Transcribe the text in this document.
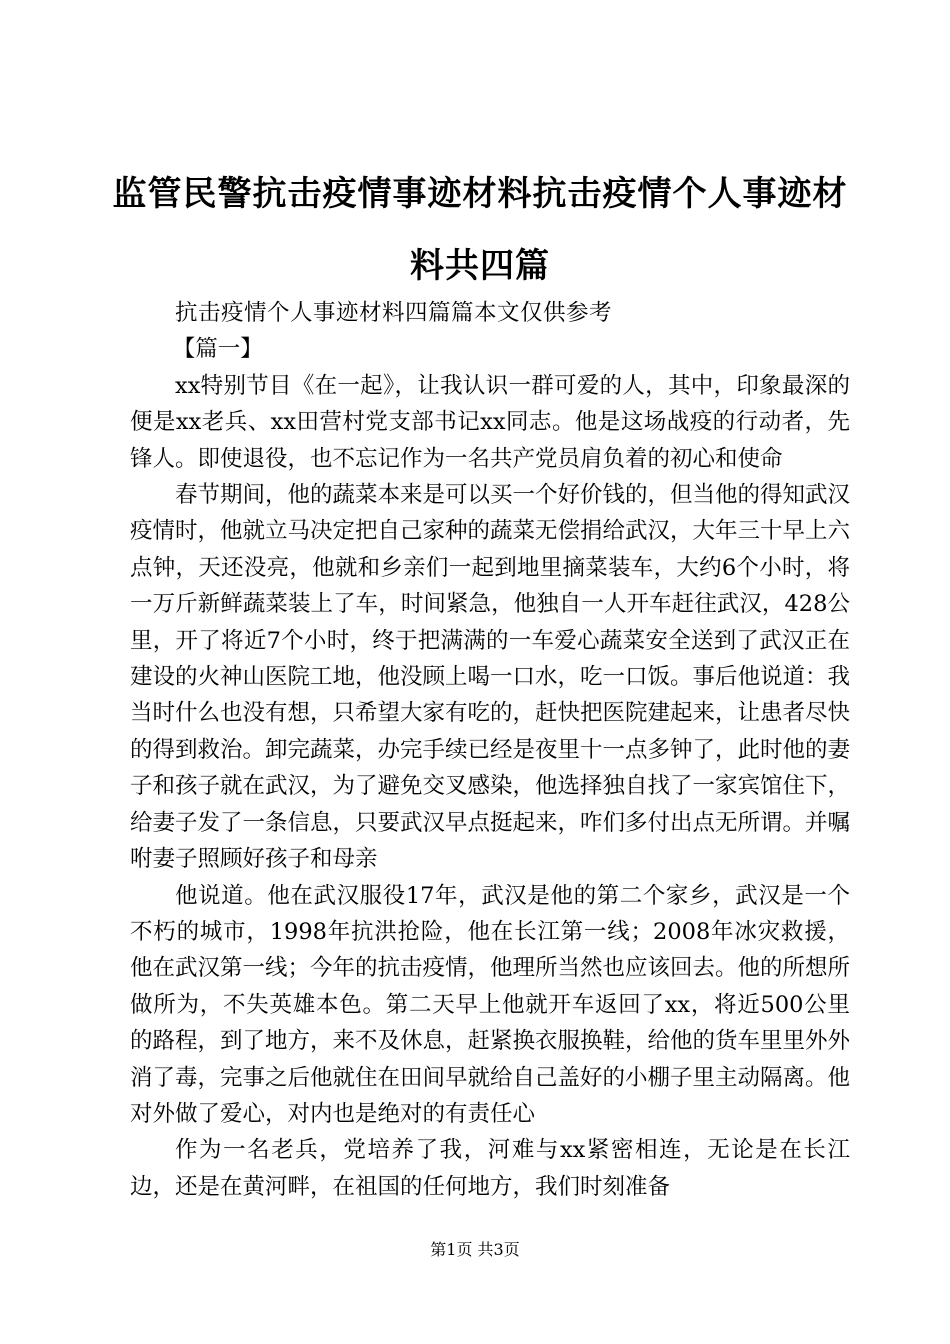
监管民警抗击疫情事迹材料抗击疫情个人事迹材料共四篇

抗击疫情个人事迹材料四篇篇本文仅供参考

【篇一】

xx特别节目《在一起》，让我认识一群可爱的人，其中，印象最深的便是xx老兵、xx田营村党支部书记xx同志。他是这场战疫的行动者，先锋人。即使退役，也不忘记作为一名共产党员肩负着的初心和使命

春节期间，他的蔬菜本来是可以买一个好价钱的，但当他的得知武汉疫情时，他就立马决定把自己家种的蔬菜无偿捐给武汉，大年三十早上六点钟，天还没亮，他就和乡亲们一起到地里摘菜装车，大约6个小时，将一万斤新鲜蔬菜装上了车，时间紧急，他独自一人开车赶往武汉，428公里，开了将近7个小时，终于把满满的一车爱心蔬菜安全送到了武汉正在建设的火神山医院工地，他没顾上喝一口水，吃一口饭。事后他说道：我当时什么也没有想，只希望大家有吃的，赶快把医院建起来，让患者尽快的得到救治。卸完蔬菜，办完手续已经是夜里十一点多钟了，此时他的妻子和孩子就在武汉，为了避免交叉感染，他选择独自找了一家宾馆住下，给妻子发了一条信息，只要武汉早点挺起来，咋们多付出点无所谓。并嘱咐妻子照顾好孩子和母亲

他说道。他在武汉服役17年，武汉是他的第二个家乡，武汉是一个不朽的城市，1998年抗洪抢险，他在长江第一线；2008年冰灾救援，他在武汉第一线；今年的抗击疫情，他理所当然也应该回去。他的所想所做所为，不失英雄本色。第二天早上他就开车返回了xx，将近500公里的路程，到了地方，来不及休息，赶紧换衣服换鞋，给他的货车里里外外消了毒，完事之后他就住在田间早就给自己盖好的小棚子里主动隔离。他对外做了爱心，对内也是绝对的有责任心

作为一名老兵，党培养了我，河难与xx紧密相连，无论是在长江边，还是在黄河畔，在祖国的任何地方，我们时刻准备

第1页 共3页
